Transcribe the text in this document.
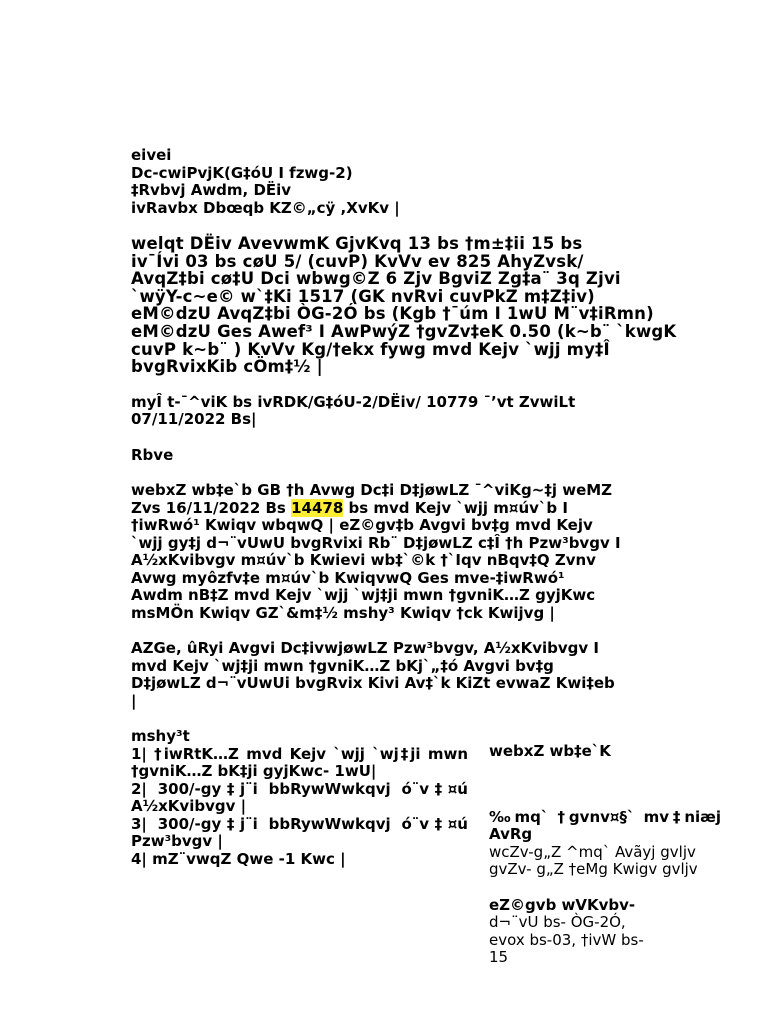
eivei
Dc-cwiPvjK(G‡óU I fzwg-2)
‡Rvbvj Awdm, DËiv
ivRavbx Dbœqb KZ©„cÿ ,XvKv |
welqt DËiv AvevwmK GjvKvq 13 bs †m±‡ii 15 bs
iv¯Ívi 03 bs cøU 5/ (cuvP) KvVv ev 825 AhyZvsk/
AvqZ‡bi cø‡U Dci wbwg©Z 6 Zjv BgviZ Zg‡a¨ 3q Zjvi
`wÿY-c~e© w`‡Ki 1517 (GK nvRvi cuvPkZ m‡Z‡iv)
eM©dzU AvqZ‡bi ÒG-2Ó bs (Kgb †¯úm I 1wU M¨v‡iRmn)
eM©dzU Ges Awef³ I AwPwýZ †gvZv‡eK 0.50 (k~b¨ `kwgK
cuvP k~b¨ ) KvVv Kg/†ekx fywg mvd Kejv `wjj my‡Î
bvgRvixKib cÖm‡½ |
myÎ t-¯^viK bs ivRDK/G‡óU-2/DËiv/ 10779 ¯’vt ZvwiLt
07/11/2022 Bs|
Rbve
webxZ wb‡e`b GB †h Avwg Dc‡i D‡jøwLZ ¯^viKg~‡j weMZ
Zvs 16/11/2022 Bs 14478 bs mvd Kejv `wjj m¤úv`b I
†iwRwó¹ Kwiqv wbqwQ | eZ©gv‡b Avgvi bv‡g mvd Kejv
`wjj gy‡j d¬¨vUwU bvgRvixi Rb¨ D‡jøwLZ c‡Î †h Pzw³bvgv I
A½xKvibvgv m¤úv`b Kwievi wb‡`©k †`Iqv nBqv‡Q Zvnv
Avwg myôzfv‡e m¤úv`b KwiqvwQ Ges mve-‡iwRwó¹
Awdm nB‡Z mvd Kejv `wjj `wj‡ji mwn †gvniK…Z gyjKwc
msMÖn Kwiqv GZ`&m‡½ mshy³ Kwiqv †ck Kwijvg |
AZGe, ûRyi Avgvi Dc‡ivwjøwLZ Pzw³bvgv, A½xKvibvgv I
mvd Kejv `wj‡ji mwn †gvniK…Z bKj`„‡ó Avgvi bv‡g
D‡jøwLZ d¬¨vUwUi bvgRvix Kivi Av‡`k KiZt evwaZ Kwi‡eb
|
mshy³t
1| †iwRtK…Z mvd Kejv `wjj `wj‡ji mwn †gvniK…Z bK‡ji gyjKwc- 1wU|
2| 300/-gy‡j¨i bbRywWwkqvj ó¨v‡¤ú A½xKvibvgv |
3| 300/-gy‡j¨i bbRywWwkqvj ó¨v‡¤ú Pzw³bvgv |
4| mZ¨vwqZ Qwe -1 Kwc |
webxZ wb‡e`K
‰mq` †gvnv¤§` mv‡niæj AvRg
wcZv-g„Z ^mq` Avãyj gvljv
gvZv- g„Z †eMg Kwigv gvljv
eZ©gvb wVKvbv-
d¬¨vU bs- ÒG-2Ó,
evox bs-03, †ivW bs-
15
